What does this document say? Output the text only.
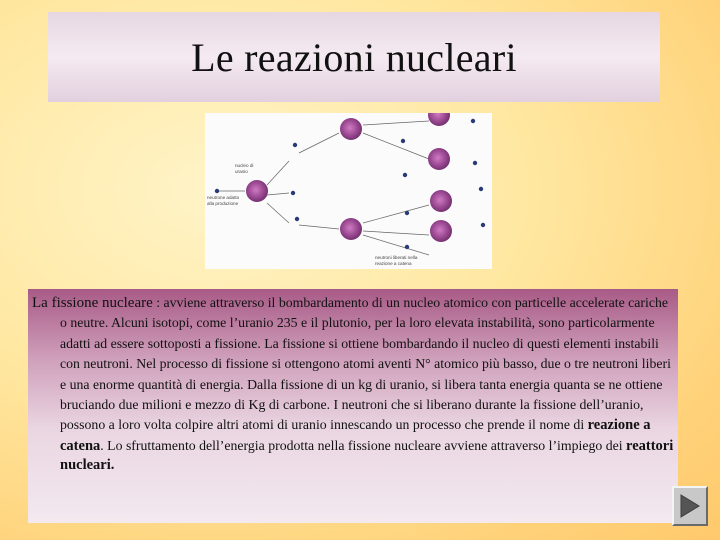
Le reazioni nucleari
nucleo di
uranio
neutrone adatto
alla produzione
neutroni liberati nella
reazione a catena

La fissione nucleare : avviene attraverso il bombardamento di un nucleo atomico con particelle accelerate cariche o neutre. Alcuni isotopi, come l’uranio 235 e il plutonio, per la loro elevata instabilità, sono particolarmente adatti ad essere sottoposti a fissione. La fissione si ottiene bombardando il nucleo di questi elementi instabili con neutroni. Nel processo di fissione si ottengono atomi aventi N° atomico più basso, due o tre neutroni liberi e una enorme quantità di energia. Dalla fissione di un kg di uranio, si libera tanta energia quanta se ne ottiene bruciando due milioni e mezzo di Kg di carbone. I neutroni che si liberano durante la fissione dell’uranio, possono a loro volta colpire altri atomi di uranio innescando un processo che prende il nome di reazione a catena. Lo sfruttamento dell’energia prodotta nella fissione nucleare avviene attraverso l’impiego dei reattori nucleari.
